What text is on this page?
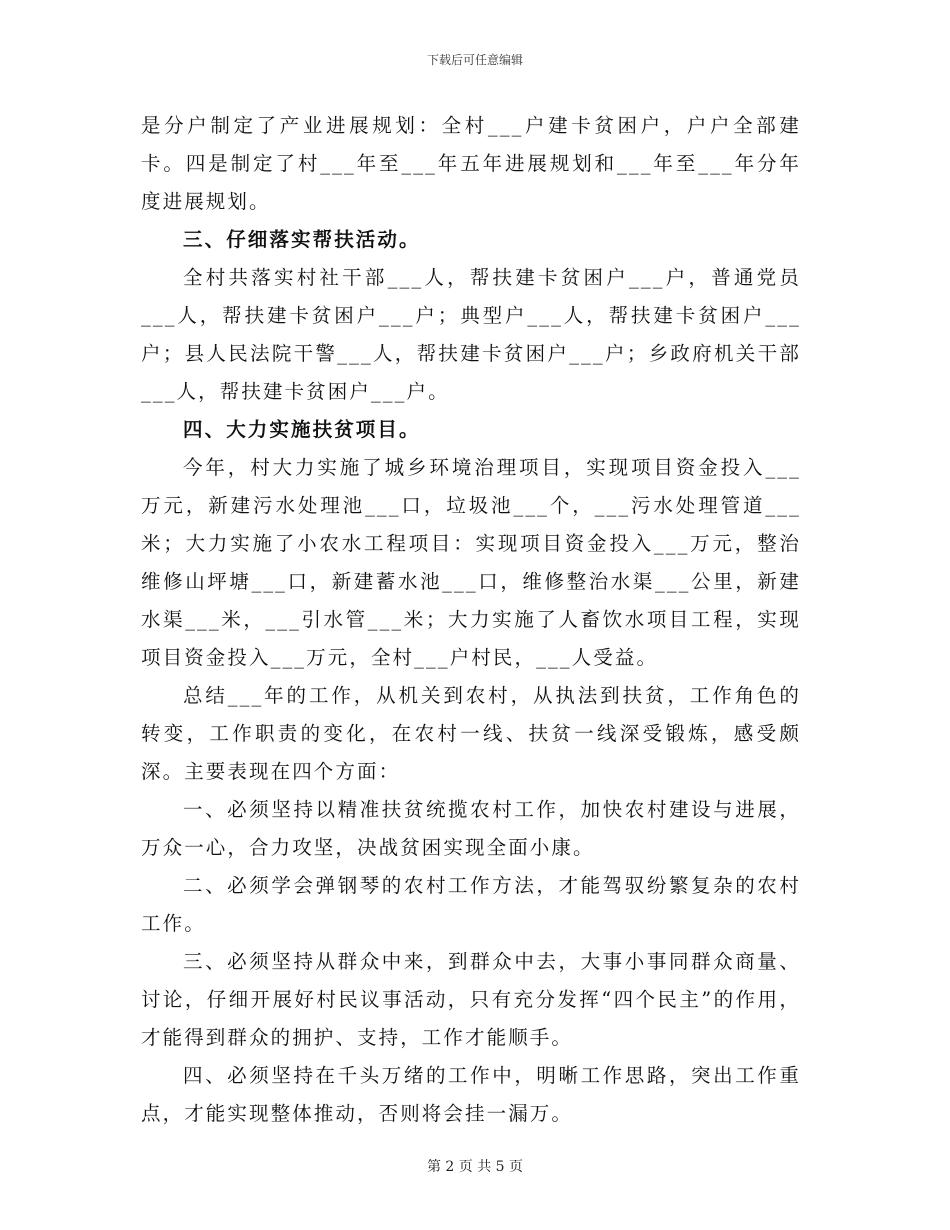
下载后可任意编辑

是分户制定了产业进展规划：全村___户建卡贫困户，户户全部建卡。四是制定了村___年至___年五年进展规划和___年至___年分年度进展规划。

三、仔细落实帮扶活动。

全村共落实村社干部___人，帮扶建卡贫困户___户，普通党员___人，帮扶建卡贫困户___户；典型户___人，帮扶建卡贫困户___户；县人民法院干警___人，帮扶建卡贫困户___户；乡政府机关干部___人，帮扶建卡贫困户___户。

四、大力实施扶贫项目。

今年，村大力实施了城乡环境治理项目，实现项目资金投入___万元，新建污水处理池___口，垃圾池___个，___污水处理管道___米；大力实施了小农水工程项目：实现项目资金投入___万元，整治维修山坪塘___口，新建蓄水池___口，维修整治水渠___公里，新建水渠___米，___引水管___米；大力实施了人畜饮水项目工程，实现项目资金投入___万元，全村___户村民，___人受益。

总结___年的工作，从机关到农村，从执法到扶贫，工作角色的转变，工作职责的变化，在农村一线、扶贫一线深受锻炼，感受颇深。主要表现在四个方面：

一、必须坚持以精准扶贫统揽农村工作，加快农村建设与进展，万众一心，合力攻坚，决战贫困实现全面小康。

二、必须学会弹钢琴的农村工作方法，才能驾驭纷繁复杂的农村工作。

三、必须坚持从群众中来，到群众中去，大事小事同群众商量、讨论，仔细开展好村民议事活动，只有充分发挥“四个民主”的作用，才能得到群众的拥护、支持，工作才能顺手。

四、必须坚持在千头万绪的工作中，明晰工作思路，突出工作重点，才能实现整体推动，否则将会挂一漏万。

第 2 页 共 5 页
